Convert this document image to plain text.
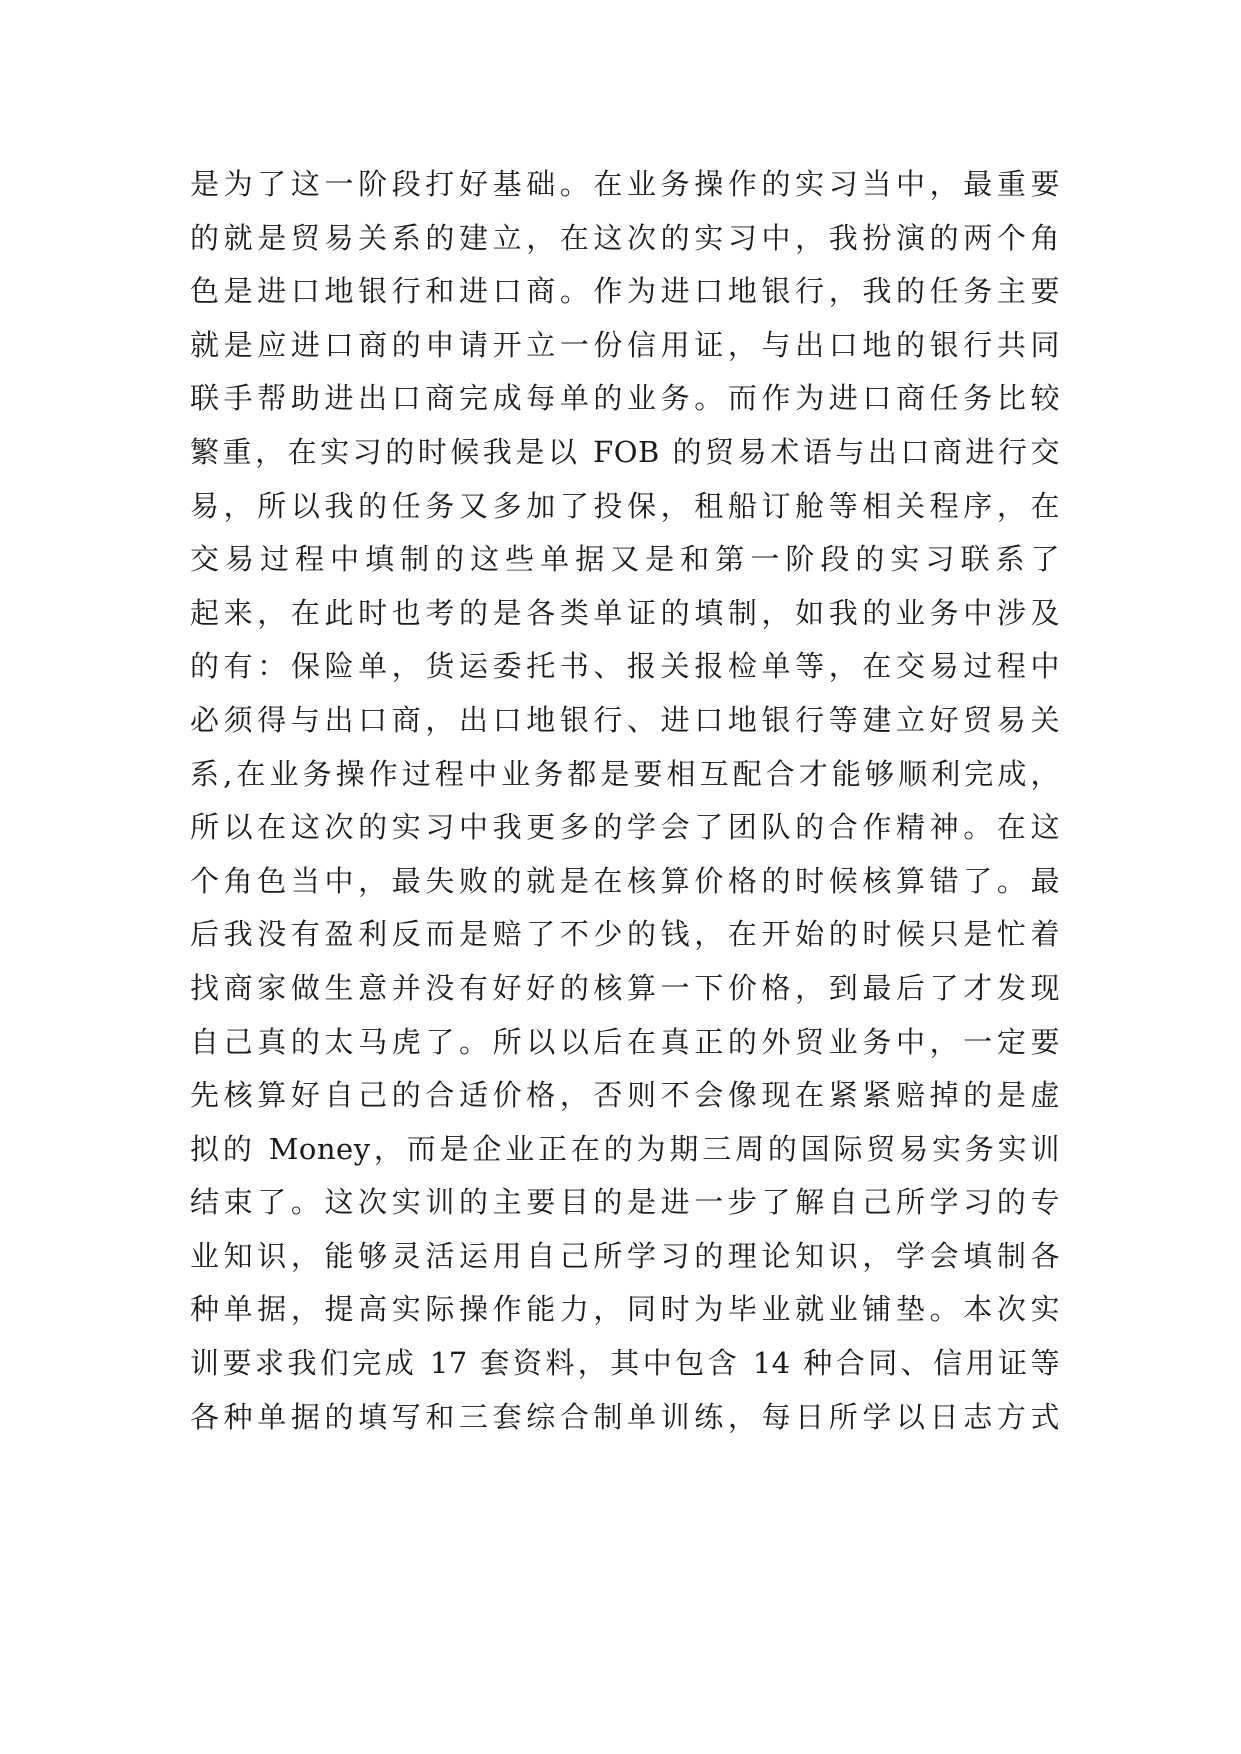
是为了这一阶段打好基础。在业务操作的实习当中，最重要
的就是贸易关系的建立，在这次的实习中，我扮演的两个角
色是进口地银行和进口商。作为进口地银行，我的任务主要
就是应进口商的申请开立一份信用证，与出口地的银行共同
联手帮助进出口商完成每单的业务。而作为进口商任务比较
繁重，在实习的时候我是以 FOB 的贸易术语与出口商进行交
易，所以我的任务又多加了投保，租船订舱等相关程序，在
交易过程中填制的这些单据又是和第一阶段的实习联系了
起来，在此时也考的是各类单证的填制，如我的业务中涉及
的有：保险单，货运委托书、报关报检单等，在交易过程中
必须得与出口商，出口地银行、进口地银行等建立好贸易关
系,在业务操作过程中业务都是要相互配合才能够顺利完成，
所以在这次的实习中我更多的学会了团队的合作精神。在这
个角色当中，最失败的就是在核算价格的时候核算错了。最
后我没有盈利反而是赔了不少的钱，在开始的时候只是忙着
找商家做生意并没有好好的核算一下价格，到最后了才发现
自己真的太马虎了。所以以后在真正的外贸业务中，一定要
先核算好自己的合适价格，否则不会像现在紧紧赔掉的是虚
拟的 Money，而是企业正在的为期三周的国际贸易实务实训
结束了。这次实训的主要目的是进一步了解自己所学习的专
业知识，能够灵活运用自己所学习的理论知识，学会填制各
种单据，提高实际操作能力，同时为毕业就业铺垫。本次实
训要求我们完成 17 套资料，其中包含 14 种合同、信用证等
各种单据的填写和三套综合制单训练，每日所学以日志方式
